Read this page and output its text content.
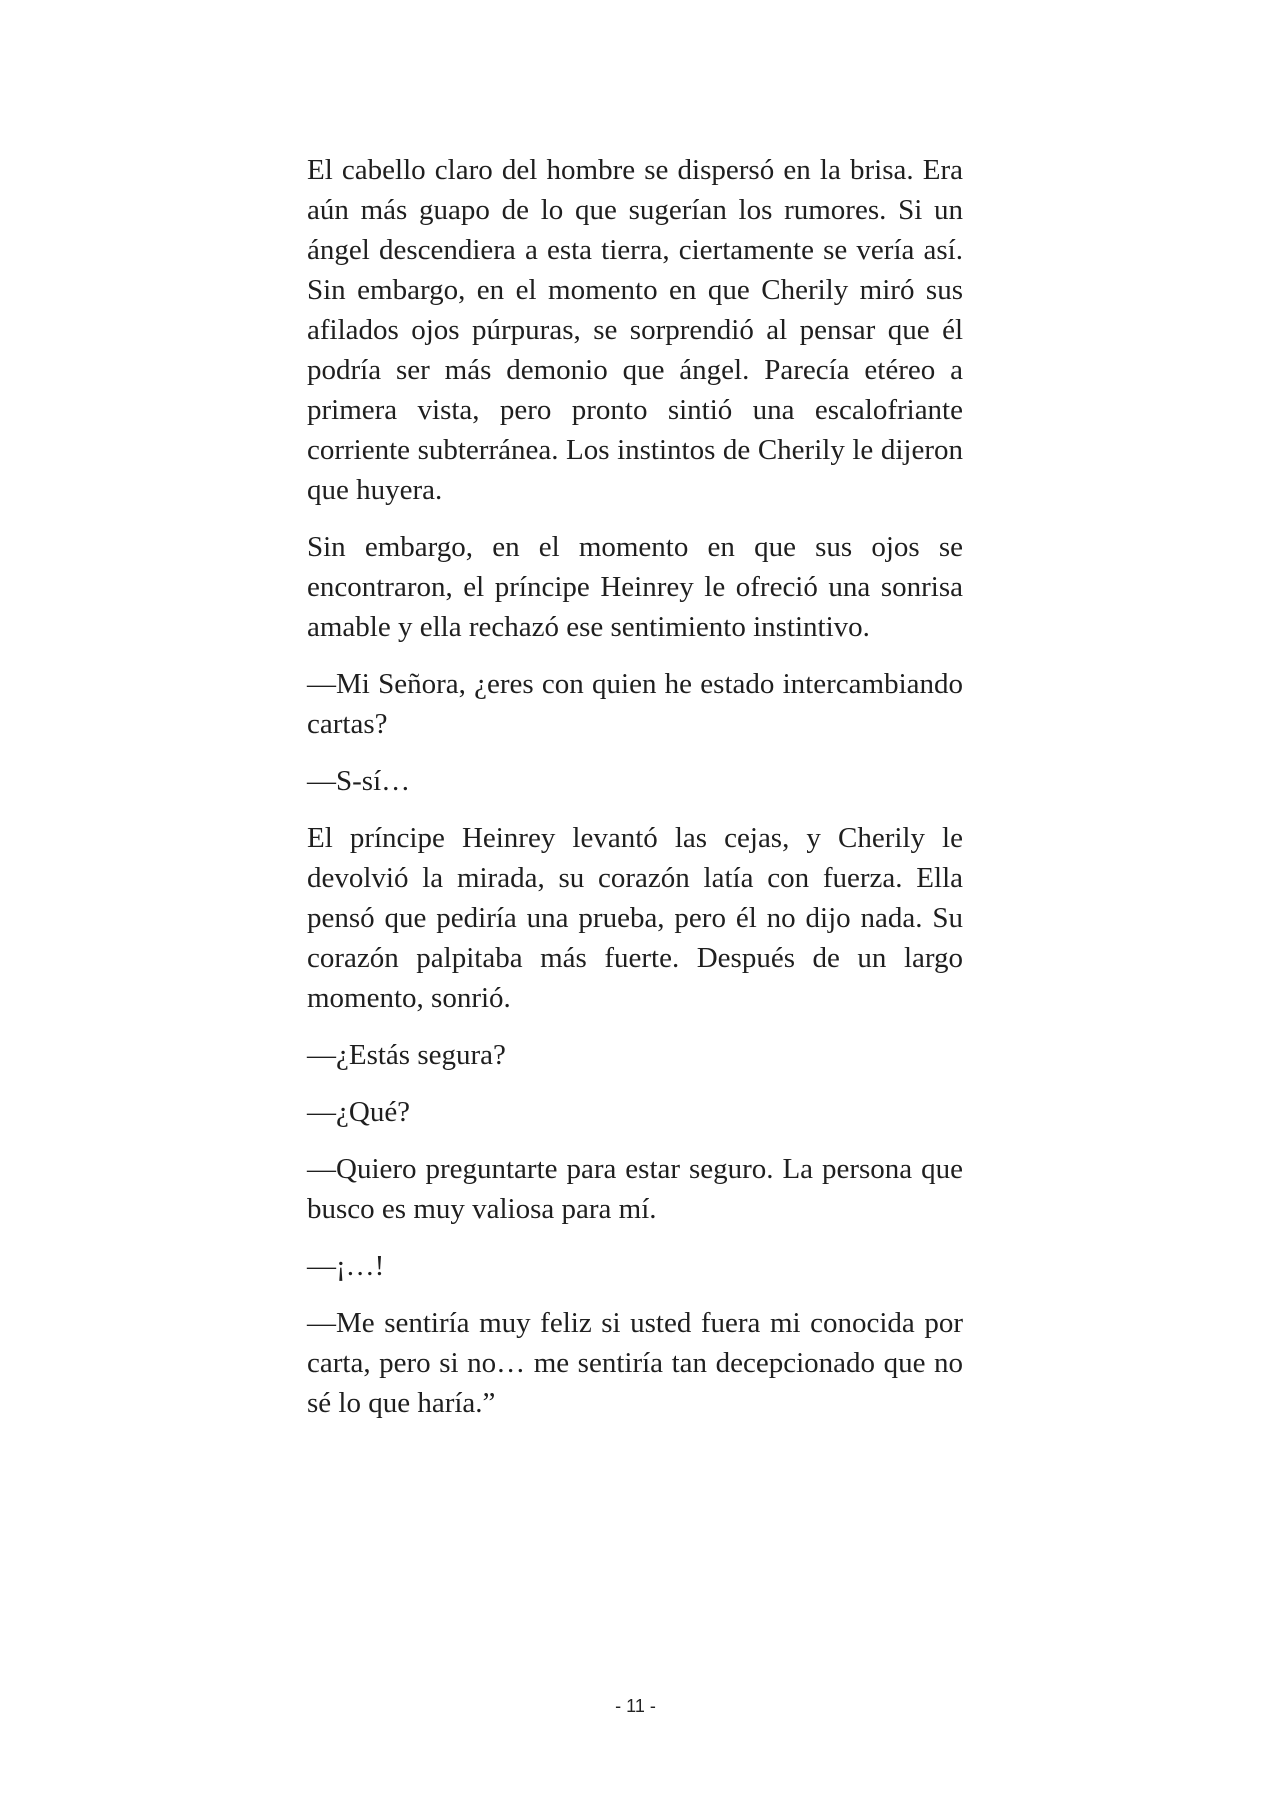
El cabello claro del hombre se dispersó en la brisa. Era aún más guapo de lo que sugerían los rumores. Si un ángel descendiera a esta tierra, ciertamente se vería así. Sin embargo, en el momento en que Cherily miró sus afilados ojos púrpuras, se sorprendió al pensar que él podría ser más demonio que ángel. Parecía etéreo a primera vista, pero pronto sintió una escalofriante corriente subterránea. Los instintos de Cherily le dijeron que huyera.

Sin embargo, en el momento en que sus ojos se encontraron, el príncipe Heinrey le ofreció una sonrisa amable y ella rechazó ese sentimiento instintivo.

—Mi Señora, ¿eres con quien he estado intercambiando cartas?

—S-sí…

El príncipe Heinrey levantó las cejas, y Cherily le devolvió la mirada, su corazón latía con fuerza. Ella pensó que pediría una prueba, pero él no dijo nada. Su corazón palpitaba más fuerte. Después de un largo momento, sonrió.

—¿Estás segura?

—¿Qué?

—Quiero preguntarte para estar seguro. La persona que busco es muy valiosa para mí.

—¡…!

—Me sentiría muy feliz si usted fuera mi conocida por carta, pero si no… me sentiría tan decepcionado que no sé lo que haría.”

- 11 -
